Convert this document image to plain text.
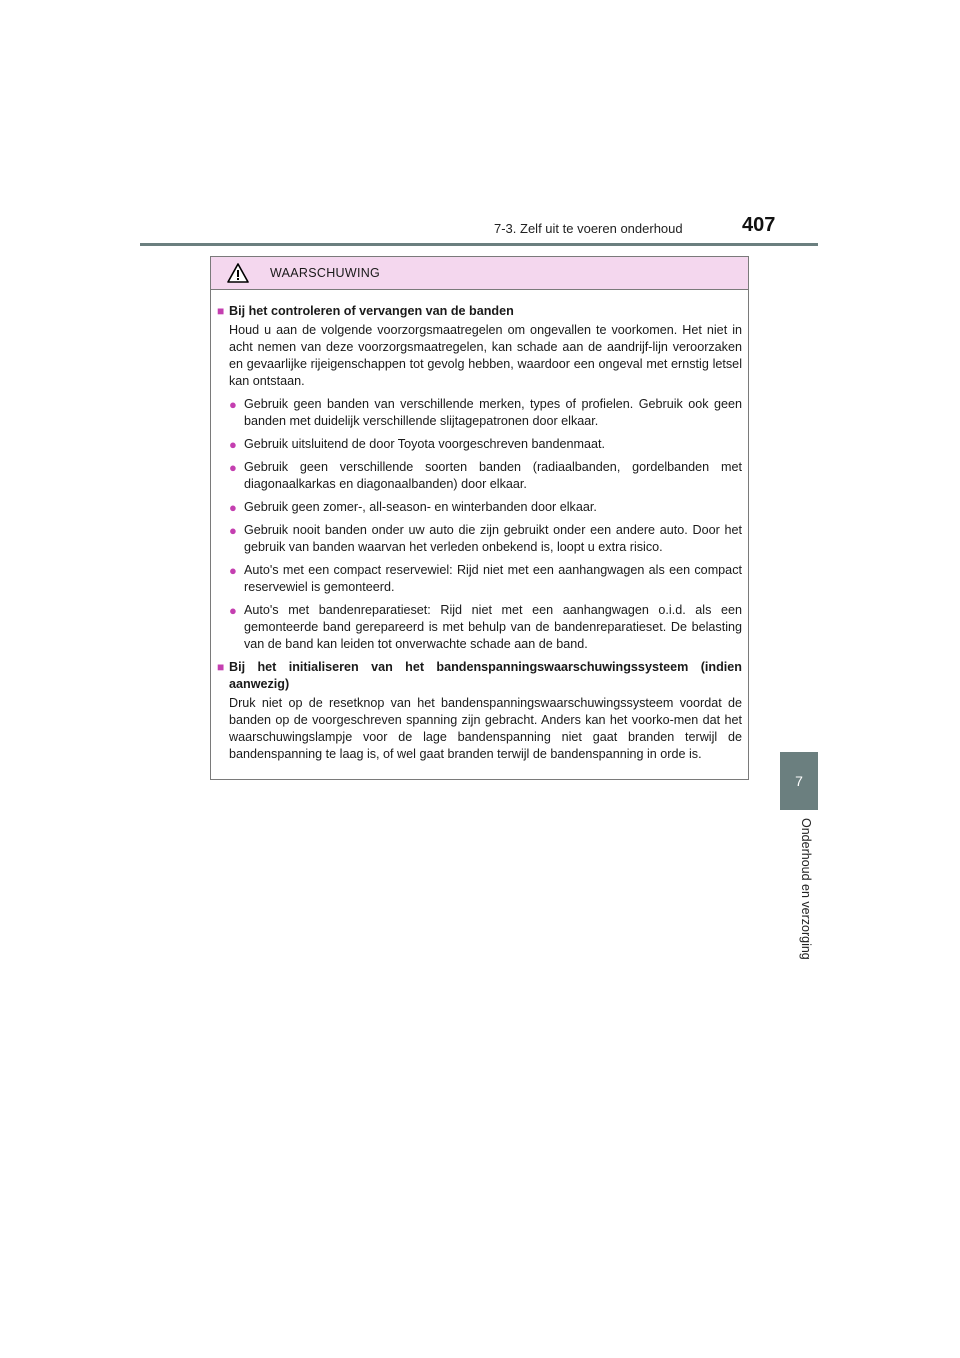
7-3. Zelf uit te voeren onderhoud	407
7
Onderhoud en verzorging
WAARSCHUWING
■ Bij het controleren of vervangen van de banden
Houd u aan de volgende voorzorgsmaatregelen om ongevallen te voorkomen. Het niet in acht nemen van deze voorzorgsmaatregelen, kan schade aan de aandrijf-lijn veroorzaken en gevaarlijke rijeigenschappen tot gevolg hebben, waardoor een ongeval met ernstig letsel kan ontstaan.
● Gebruik geen banden van verschillende merken, types of profielen. Gebruik ook geen banden met duidelijk verschillende slijtagepatronen door elkaar.
● Gebruik uitsluitend de door Toyota voorgeschreven bandenmaat.
● Gebruik geen verschillende soorten banden (radiaalbanden, gordelbanden met diagonaalkarkas en diagonaalbanden) door elkaar.
● Gebruik geen zomer-, all-season- en winterbanden door elkaar.
● Gebruik nooit banden onder uw auto die zijn gebruikt onder een andere auto. Door het gebruik van banden waarvan het verleden onbekend is, loopt u extra risico.
● Auto's met een compact reservewiel: Rijd niet met een aanhangwagen als een compact reservewiel is gemonteerd.
● Auto's met bandenreparatieset: Rijd niet met een aanhangwagen o.i.d. als een gemonteerde band gerepareerd is met behulp van de bandenreparatieset. De belasting van de band kan leiden tot onverwachte schade aan de band.
■ Bij het initialiseren van het bandenspanningswaarschuwingssysteem (indien aanwezig)
Druk niet op de resetknop van het bandenspanningswaarschuwingssysteem voordat de banden op de voorgeschreven spanning zijn gebracht. Anders kan het voorko-men dat het waarschuwingslampje voor de lage bandenspanning niet gaat branden terwijl de bandenspanning te laag is, of wel gaat branden terwijl de bandenspanning in orde is.
